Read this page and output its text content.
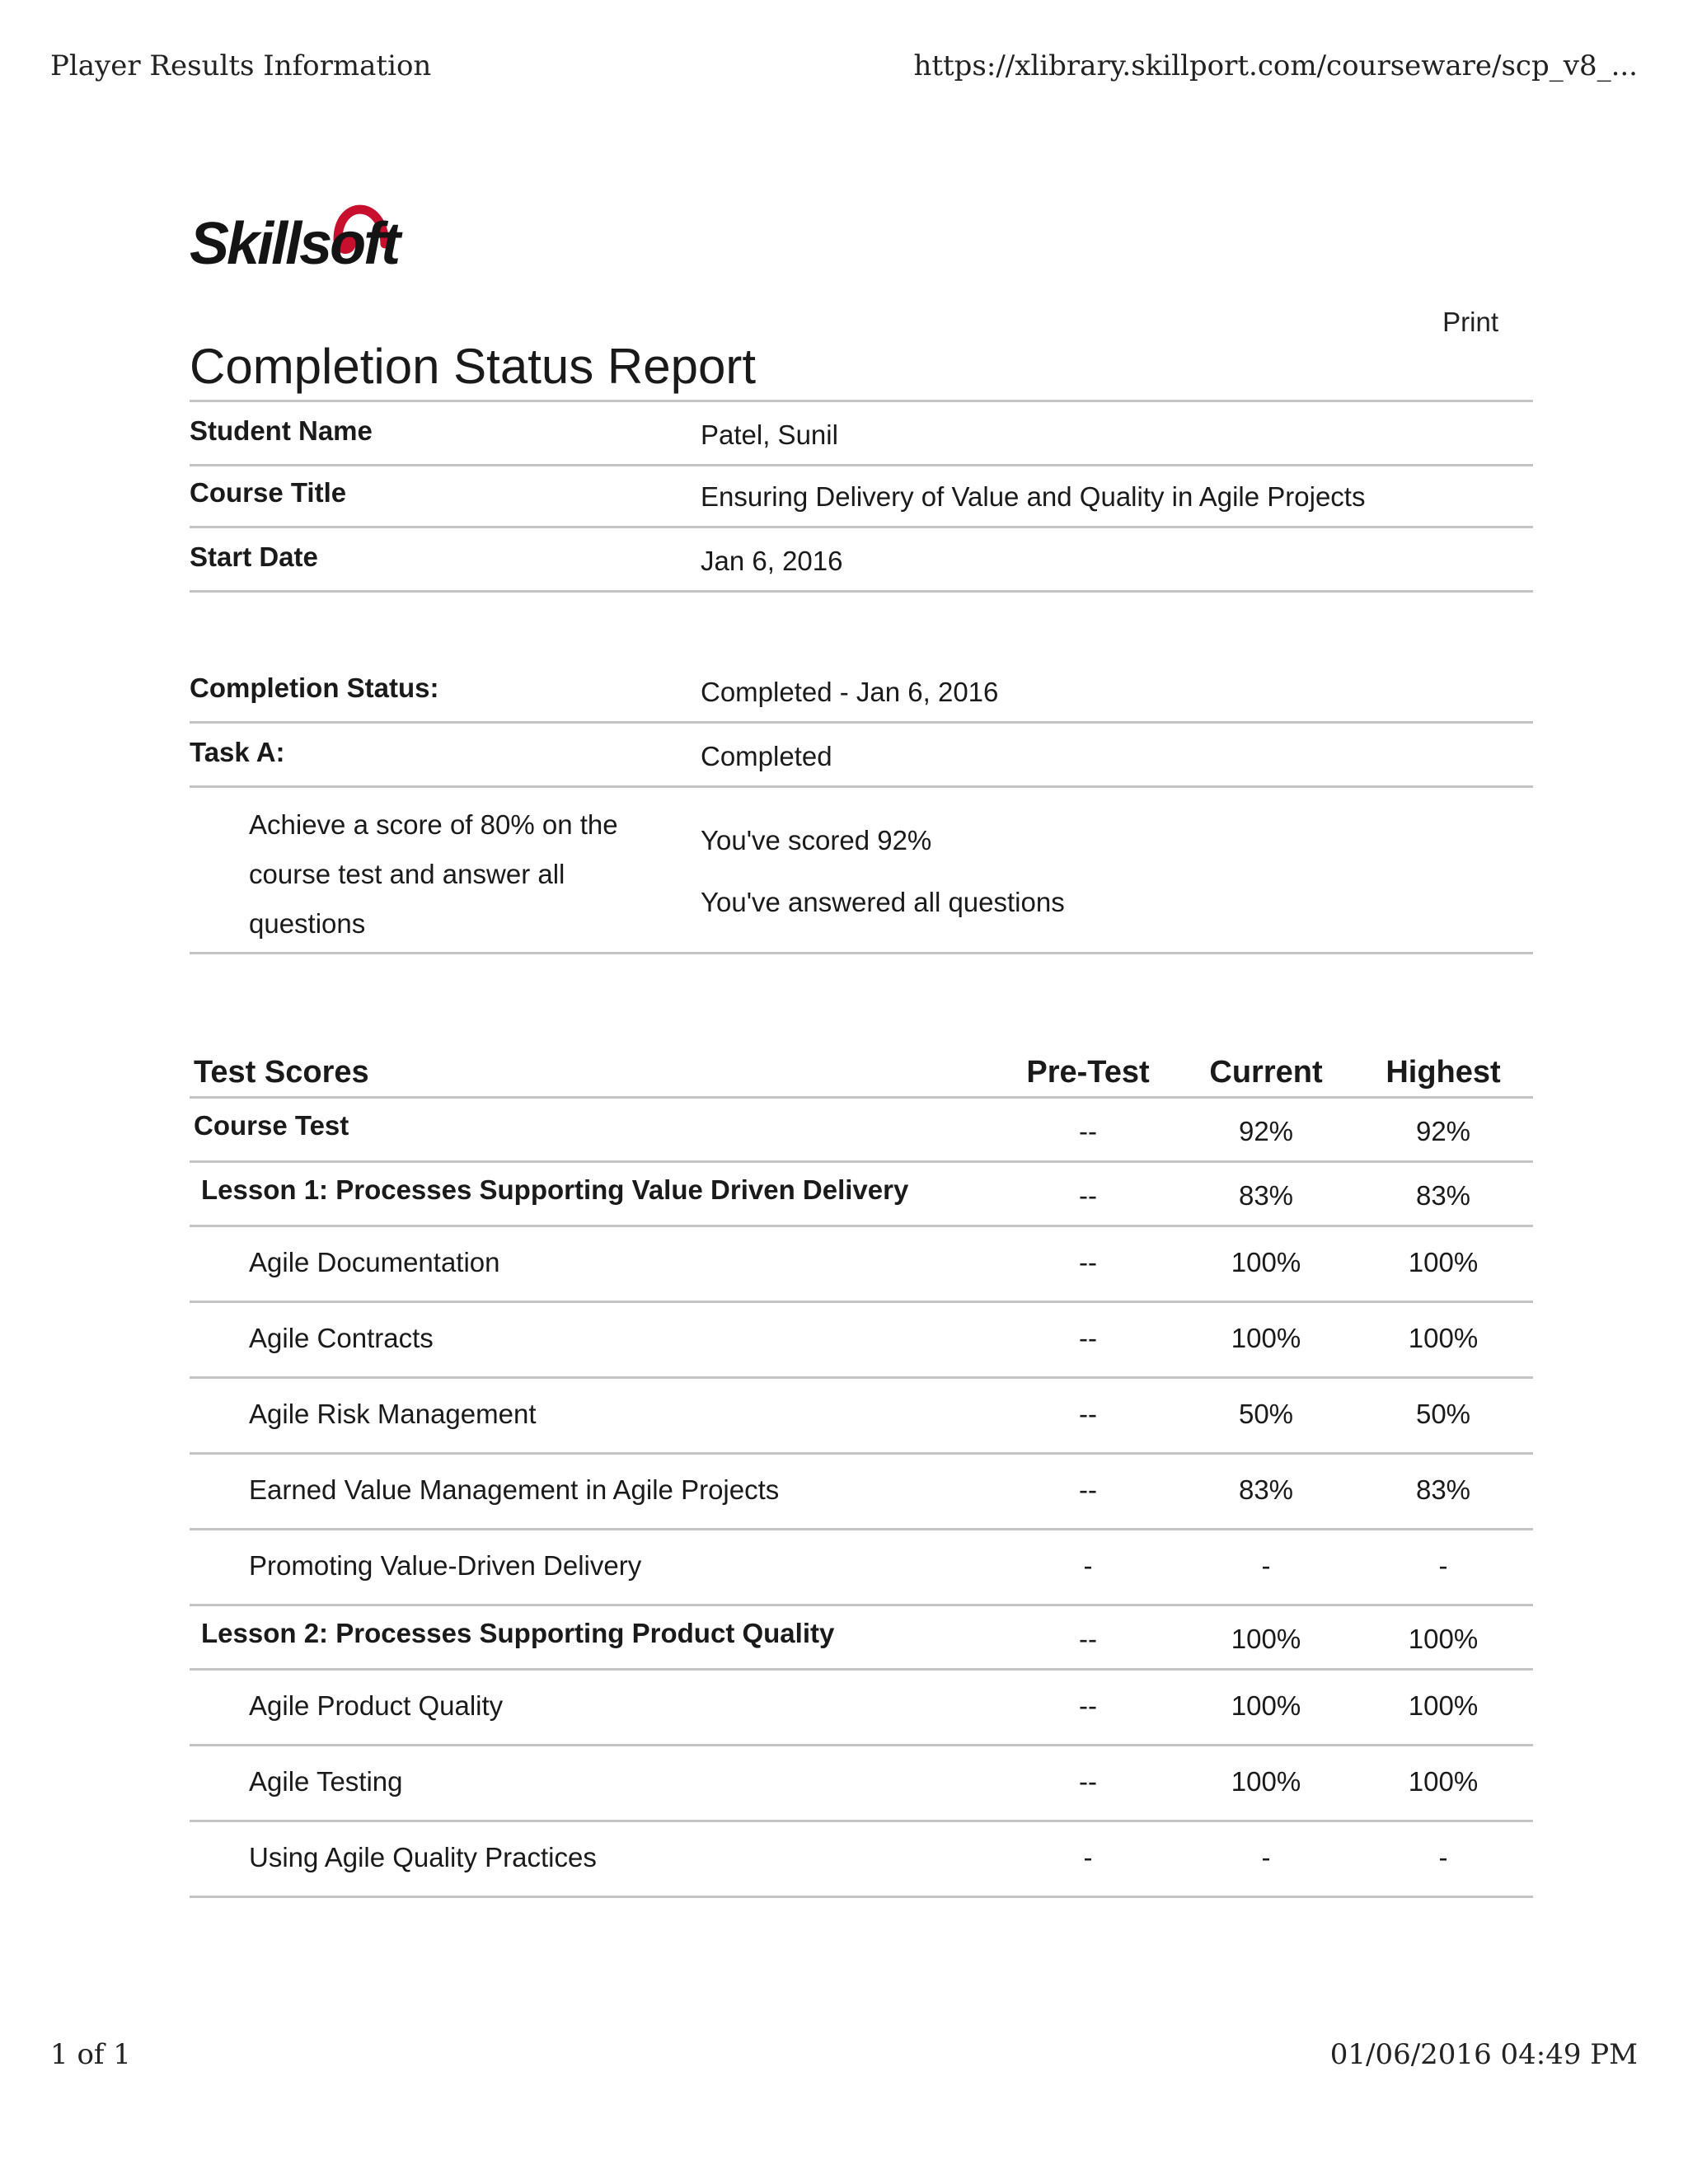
Player Results Information	https://xlibrary.skillport.com/courseware/scp_v8_...
Skillsoft
Print
Completion Status Report
Student Name	Patel, Sunil
Course Title	Ensuring Delivery of Value and Quality in Agile Projects
Start Date	Jan 6, 2016
Completion Status:	Completed - Jan 6, 2016
Task A:	Completed
Achieve a score of 80% on the course test and answer all questions
You've scored 92%
You've answered all questions
Test Scores	Pre-Test Current Highest
Course Test	--	92%	92%
Lesson 1: Processes Supporting Value Driven Delivery	--	83%	83%
Agile Documentation	--	100%	100%
Agile Contracts	--	100%	100%
Agile Risk Management	--	50%	50%
Earned Value Management in Agile Projects	--	83%	83%
Promoting Value-Driven Delivery	-	-	-
Lesson 2: Processes Supporting Product Quality	--	100%	100%
Agile Product Quality	--	100%	100%
Agile Testing	--	100%	100%
Using Agile Quality Practices	-	-	-
1 of 1	01/06/2016 04:49 PM
